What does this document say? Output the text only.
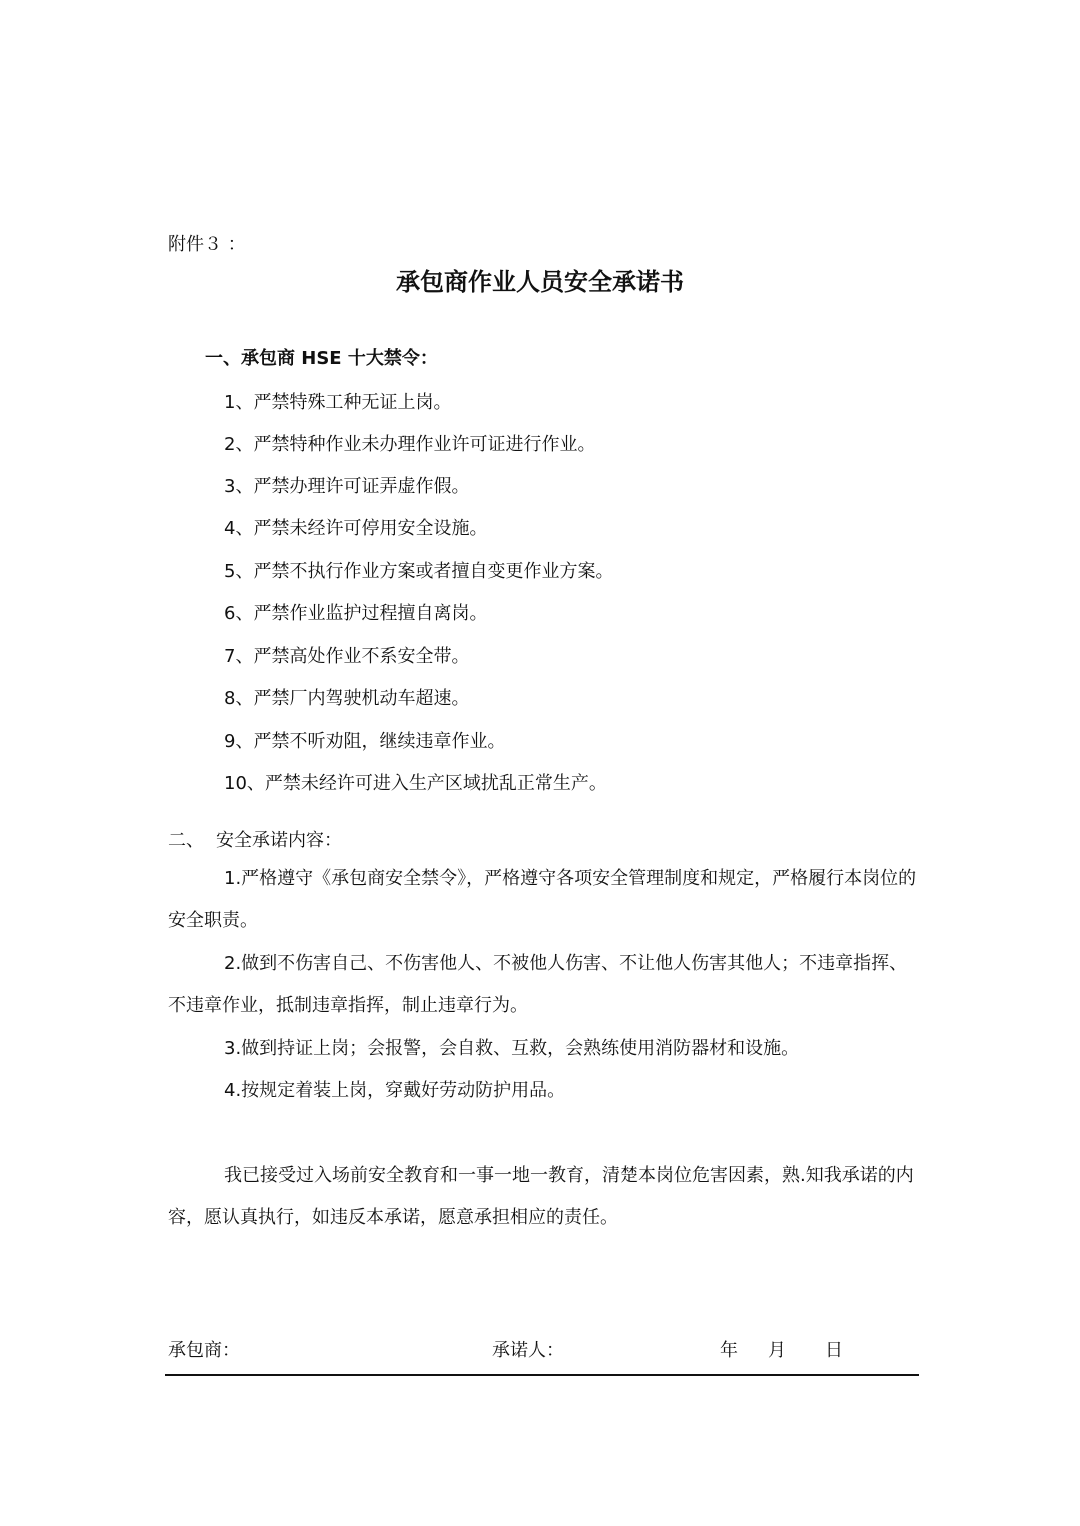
附件３ ：
承包商作业人员安全承诺书
一、承包商 HSE 十大禁令：
1、严禁特殊工种无证上岗。
2、严禁特种作业未办理作业许可证进行作业。
3、严禁办理许可证弄虚作假。
4、严禁未经许可停用安全设施。
5、严禁不执行作业方案或者擅自变更作业方案。
6、严禁作业监护过程擅自离岗。
7、严禁高处作业不系安全带。
8、严禁厂内驾驶机动车超速。
9、严禁不听劝阻，继续违章作业。
10、严禁未经许可进入生产区域扰乱正常生产。
二、 安全承诺内容：
1.严格遵守《承包商安全禁令》，严格遵守各项安全管理制度和规定，严格履行本岗位的安全职责。
2.做到不伤害自己、不伤害他人、不被他人伤害、不让他人伤害其他人；不违章指挥、不违章作业，抵制违章指挥，制止违章行为。
3.做到持证上岗；会报警，会自救、互救，会熟练使用消防器材和设施。
4.按规定着装上岗，穿戴好劳动防护用品。
我已接受过入场前安全教育和一事一地一教育，清楚本岗位危害因素，熟.知我承诺的内容，愿认真执行，如违反本承诺，愿意承担相应的责任。
承包商：	承诺人：	年 月 日
